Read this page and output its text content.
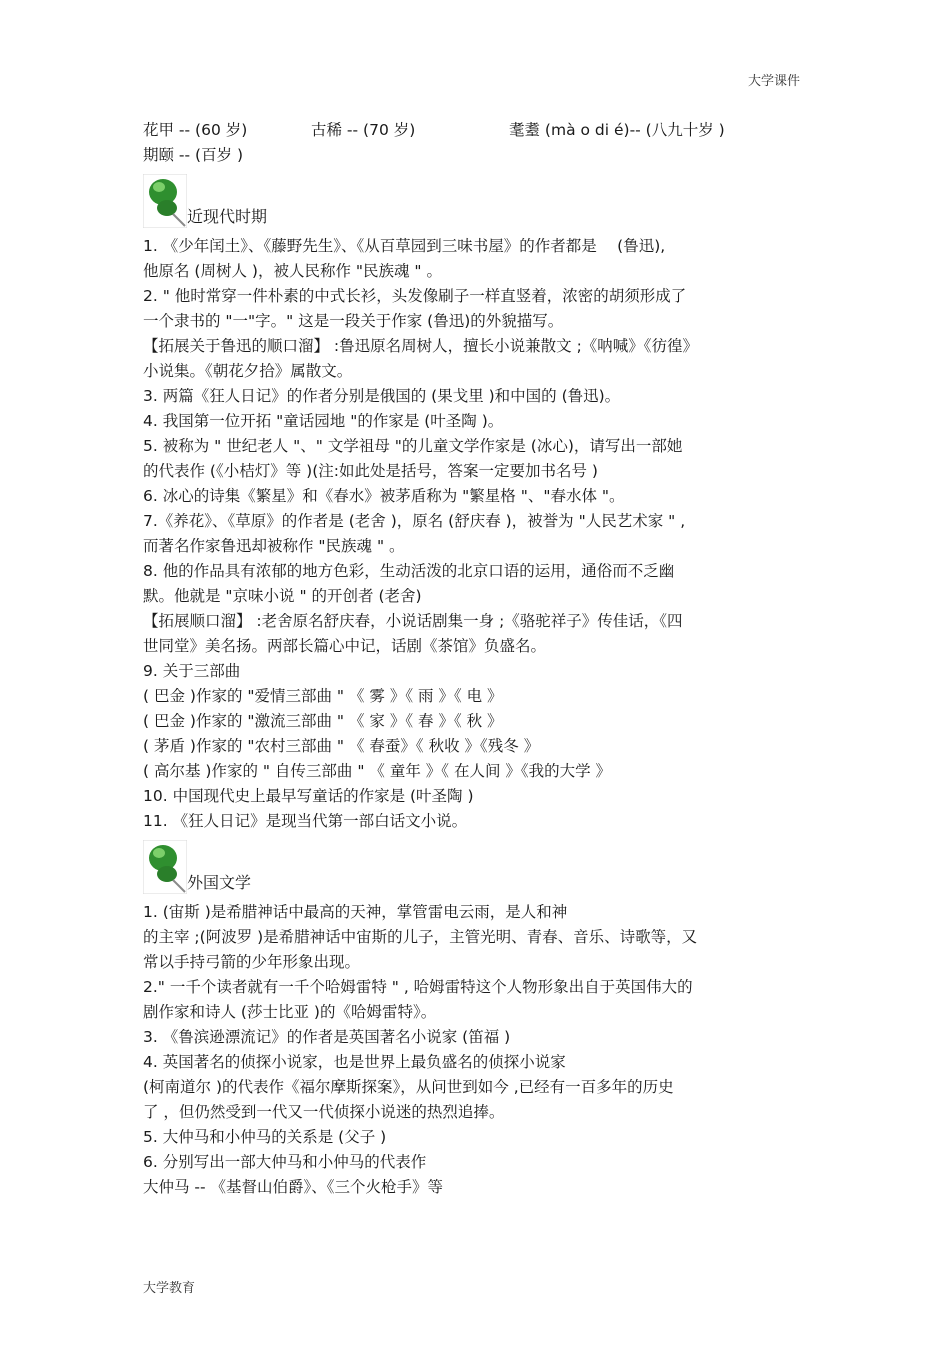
大学课件
花甲 -- (60 岁)	古稀 -- (70 岁)	耄耋 (mà o di é)-- (八九十岁 )
期颐 -- (百岁 )
近现代时期
1. 《少年闰土》、《藤野先生》、《从百草园到三味书屋》的作者都是　 (鲁迅),
他原名 (周树人 )，被人民称作 "民族魂 " 。
2. " 他时常穿一件朴素的中式长衫，头发像刷子一样直竖着，浓密的胡须形成了
一个隶书的 "一"字。" 这是一段关于作家 (鲁迅)的外貌描写。
【拓展关于鲁迅的顺口溜】 :鲁迅原名周树人，擅长小说兼散文 ;《呐喊》《彷徨》
小说集。《朝花夕拾》属散文。
3. 两篇《狂人日记》的作者分别是俄国的 (果戈里 )和中国的 (鲁迅)。
4. 我国第一位开拓 "童话园地 "的作家是 (叶圣陶 )。
5. 被称为 " 世纪老人 "、" 文学祖母 "的儿童文学作家是 (冰心)，请写出一部她
的代表作 (《小桔灯》等 )(注:如此处是括号，答案一定要加书名号 )
6. 冰心的诗集《繁星》和《春水》被茅盾称为 "繁星格 "、"春水体 "。
7.《养花》、《草原》的作者是 (老舍 )，原名 (舒庆春 )，被誉为 "人民艺术家 " ,
而著名作家鲁迅却被称作 "民族魂 " 。
8. 他的作品具有浓郁的地方色彩，生动活泼的北京口语的运用，通俗而不乏幽
默。他就是 "京味小说 " 的开创者 (老舍)
【拓展顺口溜】 :老舍原名舒庆春，小说话剧集一身 ;《骆驼祥子》传佳话，《四
世同堂》美名扬。两部长篇心中记，话剧《茶馆》负盛名。
9. 关于三部曲
( 巴金 )作家的 "爱情三部曲 " 《 雾 》《 雨 》《 电 》
( 巴金 )作家的 "激流三部曲 " 《 家 》《 春 》《 秋 》
( 茅盾 )作家的 "农村三部曲 " 《 春蚕》《 秋收 》《残冬 》
( 高尔基 )作家的 " 自传三部曲 " 《 童年 》《 在人间 》《我的大学 》
10. 中国现代史上最早写童话的作家是 (叶圣陶 )
11. 《狂人日记》是现当代第一部白话文小说。
外国文学
1. (宙斯 )是希腊神话中最高的天神，掌管雷电云雨，是人和神
的主宰 ;(阿波罗 )是希腊神话中宙斯的儿子，主管光明、青春、音乐、诗歌等，又
常以手持弓箭的少年形象出现。
2." 一千个读者就有一千个哈姆雷特 " , 哈姆雷特这个人物形象出自于英国伟大的
剧作家和诗人 (莎士比亚 )的《哈姆雷特》。
3. 《鲁滨逊漂流记》的作者是英国著名小说家 (笛福 )
4. 英国著名的侦探小说家，也是世界上最负盛名的侦探小说家
(柯南道尔 )的代表作《福尔摩斯探案》，从问世到如今 ,已经有一百多年的历史
了 ，但仍然受到一代又一代侦探小说迷的热烈追捧。
5. 大仲马和小仲马的关系是 (父子 )
6. 分别写出一部大仲马和小仲马的代表作
大仲马 -- 《基督山伯爵》、《三个火枪手》等
大学教育
